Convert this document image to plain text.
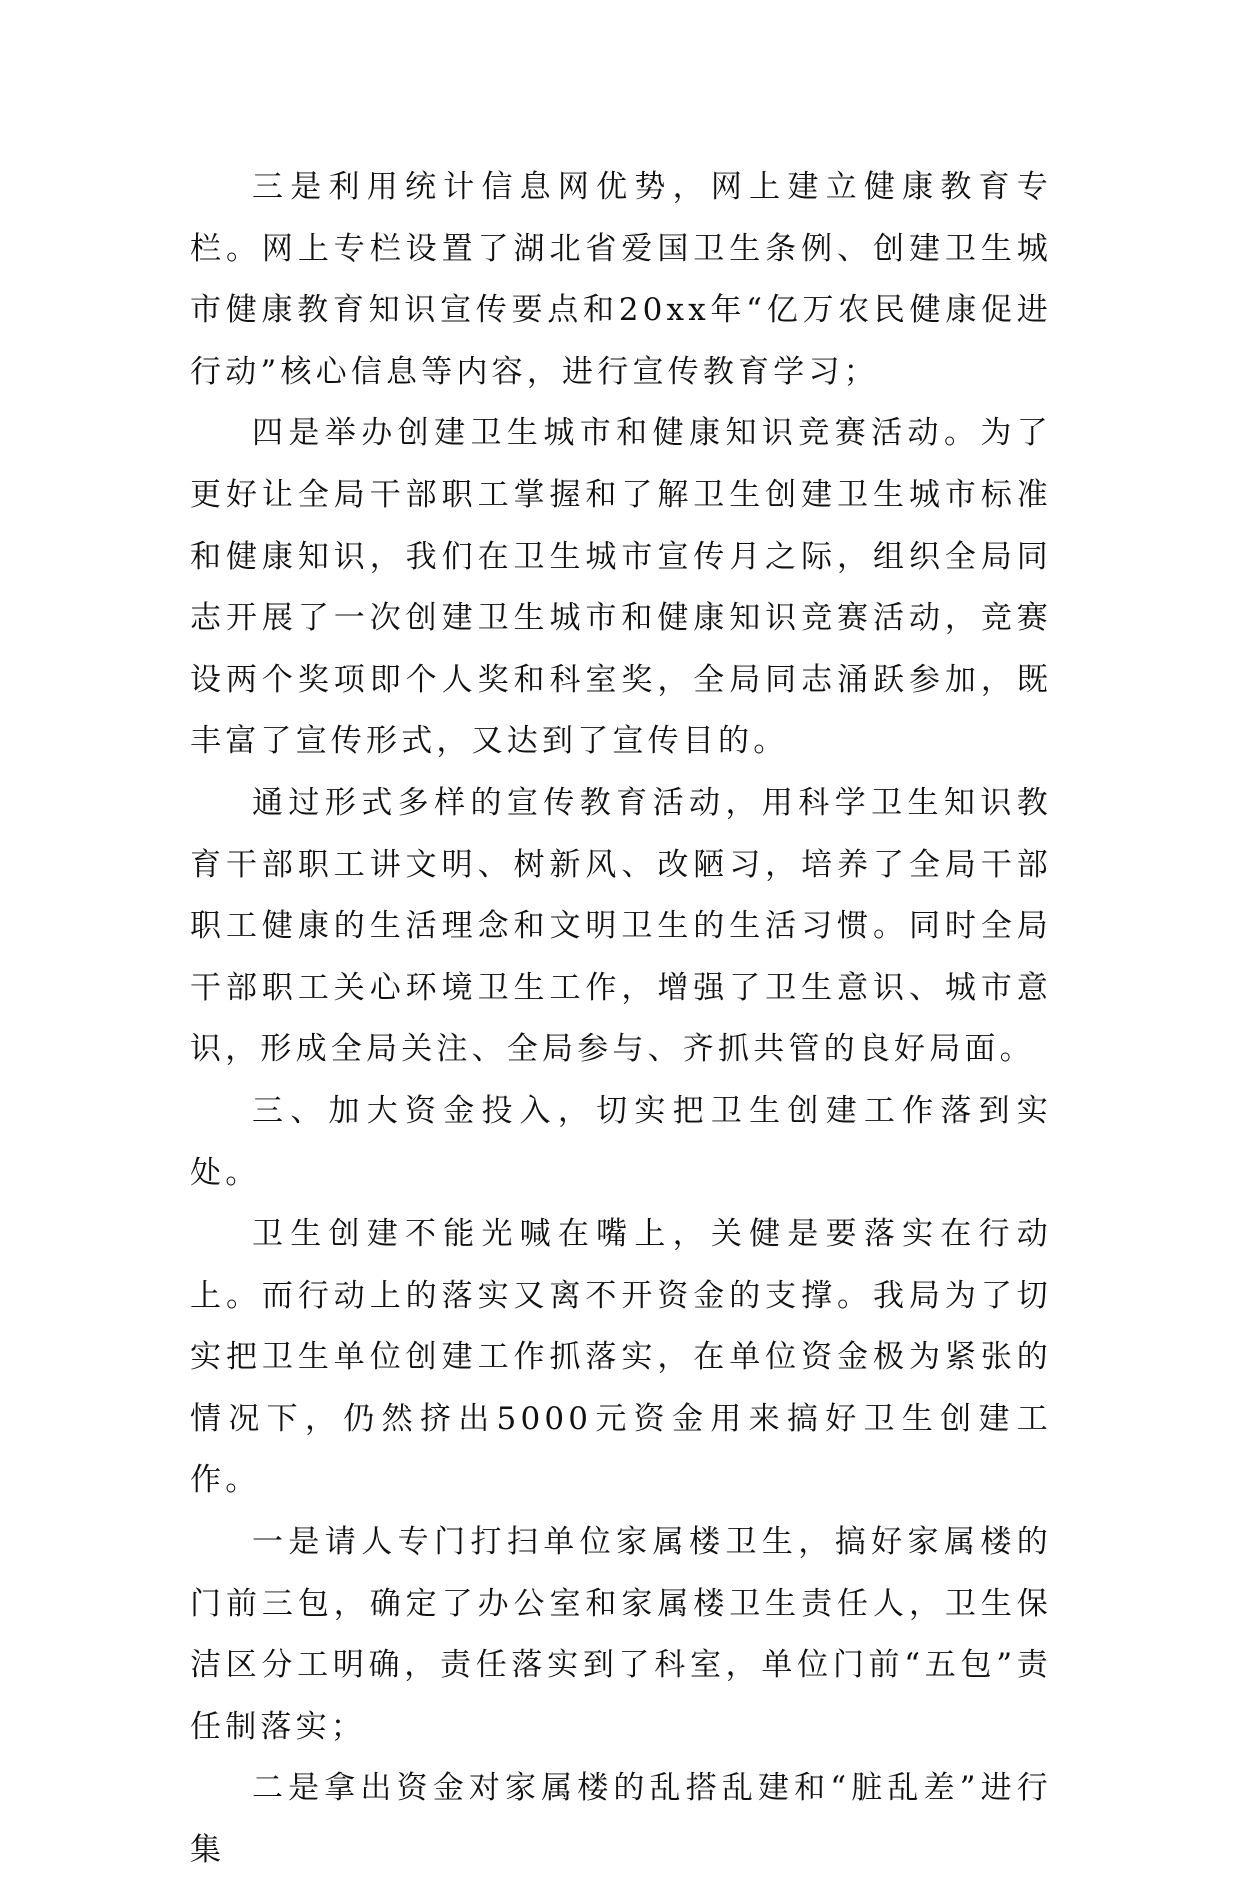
三是利用统计信息网优势，网上建立健康教育专栏。网上专栏设置了湖北省爱国卫生条例、创建卫生城市健康教育知识宣传要点和20xx年“亿万农民健康促进行动”核心信息等内容，进行宣传教育学习；

四是举办创建卫生城市和健康知识竞赛活动。为了更好让全局干部职工掌握和了解卫生创建卫生城市标准和健康知识，我们在卫生城市宣传月之际，组织全局同志开展了一次创建卫生城市和健康知识竞赛活动，竞赛设两个奖项即个人奖和科室奖，全局同志涌跃参加，既丰富了宣传形式，又达到了宣传目的。

通过形式多样的宣传教育活动，用科学卫生知识教育干部职工讲文明、树新风、改陋习，培养了全局干部职工健康的生活理念和文明卫生的生活习惯。同时全局干部职工关心环境卫生工作，增强了卫生意识、城市意识，形成全局关注、全局参与、齐抓共管的良好局面。

三、加大资金投入，切实把卫生创建工作落到实处。

卫生创建不能光喊在嘴上，关健是要落实在行动上。而行动上的落实又离不开资金的支撑。我局为了切实把卫生单位创建工作抓落实，在单位资金极为紧张的情况下，仍然挤出5000元资金用来搞好卫生创建工作。

一是请人专门打扫单位家属楼卫生，搞好家属楼的门前三包，确定了办公室和家属楼卫生责任人，卫生保洁区分工明确，责任落实到了科室，单位门前“五包”责任制落实；

二是拿出资金对家属楼的乱搭乱建和“脏乱差”进行集
